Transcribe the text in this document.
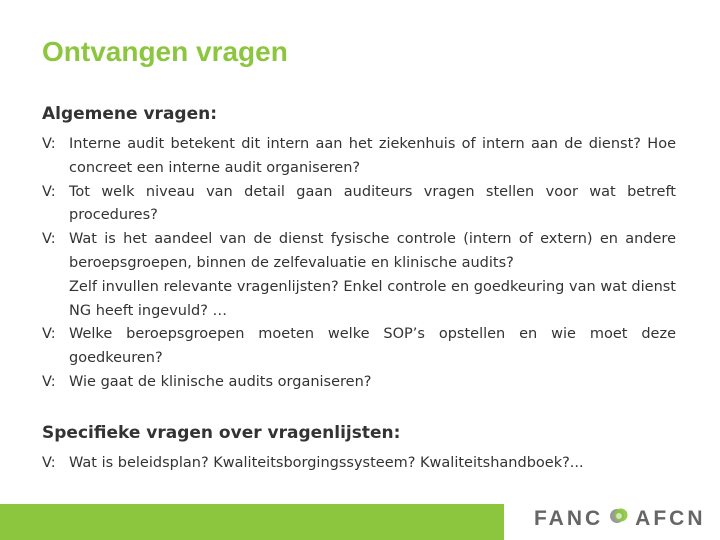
Ontvangen vragen
Algemene vragen:
V: Interne audit betekent dit intern aan het ziekenhuis of intern aan de dienst? Hoe concreet een interne audit organiseren?
V: Tot welk niveau van detail gaan auditeurs vragen stellen voor wat betreft procedures?
V: Wat is het aandeel van de dienst fysische controle (intern of extern) en andere beroepsgroepen, binnen de zelfevaluatie en klinische audits?
Zelf invullen relevante vragenlijsten? Enkel controle en goedkeuring van wat dienst NG heeft ingevuld? …
V: Welke beroepsgroepen moeten welke SOP’s opstellen en wie moet deze goedkeuren?
V: Wie gaat de klinische audits organiseren?
Specifieke vragen over vragenlijsten:
V: Wat is beleidsplan? Kwaliteitsborgingssysteem? Kwaliteitshandboek?...
FANC AFCN
